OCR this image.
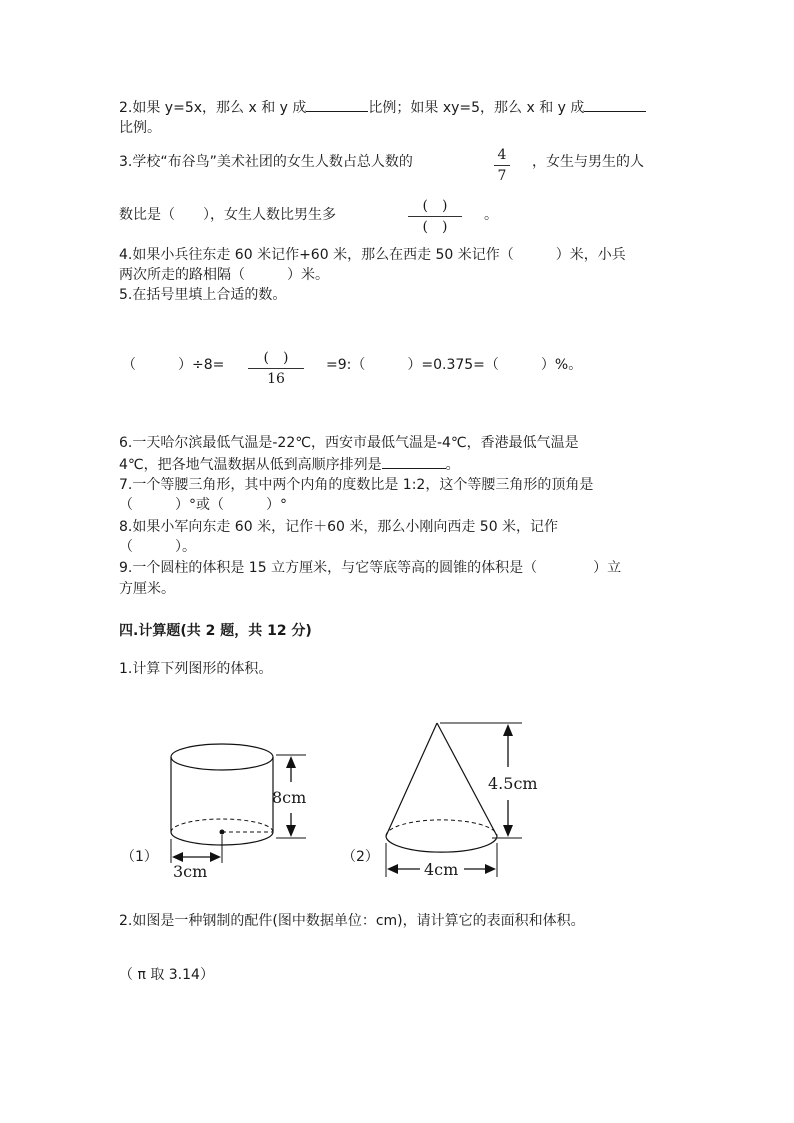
2.如果 y=5x，那么 x 和 y 成	比例；如果 xy=5，那么 x 和 y 成
比例。
3.学校“布谷鸟”美术社团的女生人数占总人数的	4
7
，女生与男生的人
数比是（　　），女生人数比男生多
(　)
(　)
。
4.如果小兵往东走 60 米记作+60 米，那么在西走 50 米记作（　　　）米，小兵
两次所走的路相隔（　　　）米。
5.在括号里填上合适的数。
（　　　）÷8=	(　)
16
=9:（　　　）=0.375=（　　　）%。
6.一天哈尔滨最低气温是-22℃，西安市最低气温是-4℃，香港最低气温是
4℃，把各地气温数据从低到高顺序排列是	。
7.一个等腰三角形，其中两个内角的度数比是 1:2，这个等腰三角形的顶角是
（　　　）°或（　　　）°
8.如果小军向东走 60 米，记作＋60 米，那么小刚向西走 50 米，记作
（　　　）。
9.一个圆柱的体积是 15 立方厘米，与它等底等高的圆锥的体积是（　　　　）立
方厘米。
四.计算题(共 2 题，共 12 分)
1.计算下列图形的体积。
8cm
3cm
（1）
4.5cm
4cm
（2）
2.如图是一种钢制的配件(图中数据单位：cm)，请计算它的表面积和体积。
（ π 取 3.14）
